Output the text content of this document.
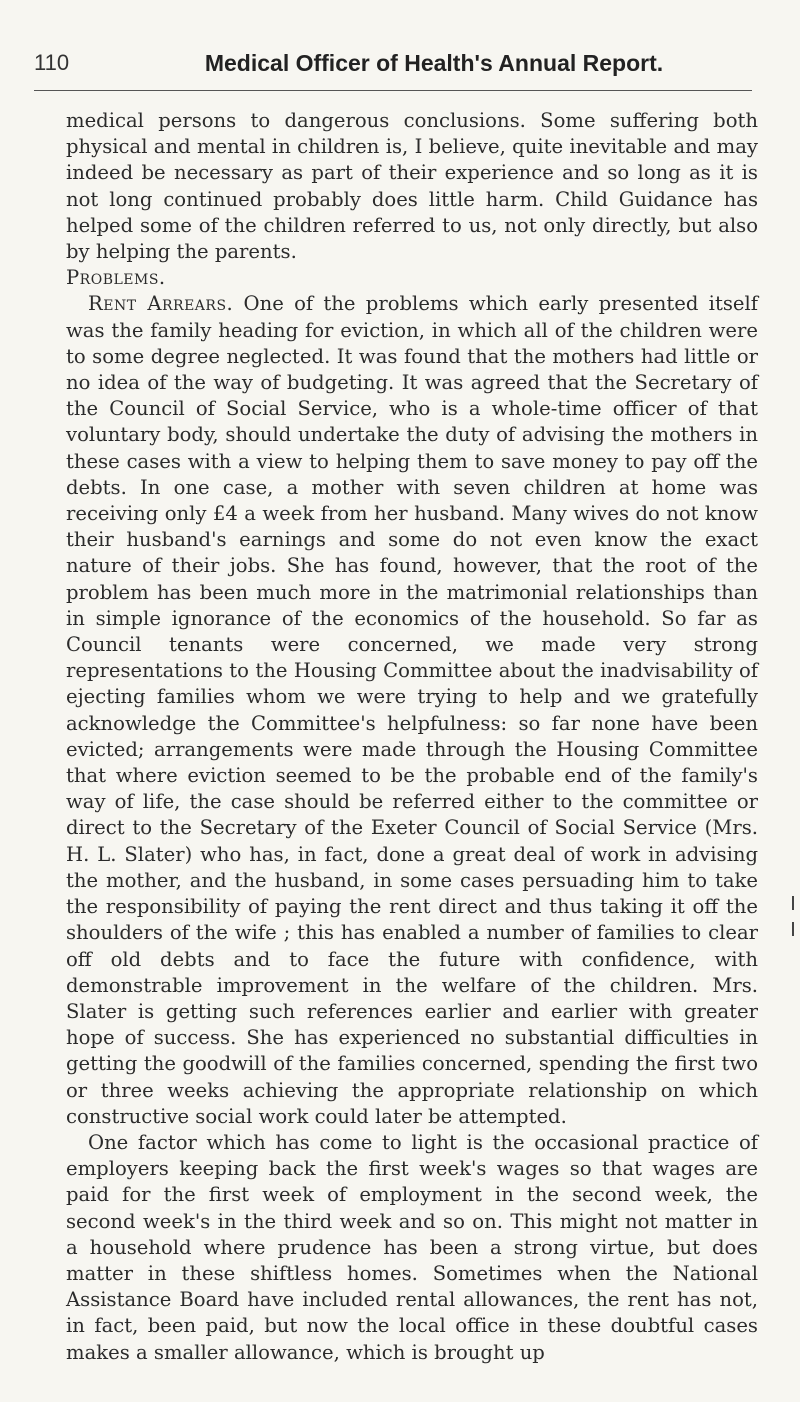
110	Medical Officer of Health's Annual Report.

medical persons to dangerous conclusions. Some suffering both physical and mental in children is, I believe, quite inevitable and may indeed be necessary as part of their experience and so long as it is not long continued probably does little harm. Child Guidance has helped some of the children referred to us, not only directly, but also by helping the parents.

Problems.

Rent Arrears. One of the problems which early presented itself was the family heading for eviction, in which all of the children were to some degree neglected. It was found that the mothers had little or no idea of the way of budgeting. It was agreed that the Secretary of the Council of Social Service, who is a whole-time officer of that voluntary body, should undertake the duty of advising the mothers in these cases with a view to helping them to save money to pay off the debts. In one case, a mother with seven children at home was receiving only £4 a week from her husband. Many wives do not know their husband's earnings and some do not even know the exact nature of their jobs. She has found, however, that the root of the problem has been much more in the matrimonial relationships than in simple ignorance of the economics of the household. So far as Council tenants were concerned, we made very strong representations to the Housing Committee about the inadvisability of ejecting families whom we were trying to help and we gratefully acknowledge the Committee's helpfulness: so far none have been evicted; arrangements were made through the Housing Committee that where eviction seemed to be the probable end of the family's way of life, the case should be referred either to the committee or direct to the Secretary of the Exeter Council of Social Service (Mrs. H. L. Slater) who has, in fact, done a great deal of work in advising the mother, and the husband, in some cases persuading him to take the responsibility of paying the rent direct and thus taking it off the shoulders of the wife ; this has enabled a number of families to clear off old debts and to face the future with confidence, with demonstrable improvement in the welfare of the children. Mrs. Slater is getting such references earlier and earlier with greater hope of success. She has experienced no substantial difficulties in getting the goodwill of the families concerned, spending the first two or three weeks achieving the appropriate relationship on which constructive social work could later be attempted.

One factor which has come to light is the occasional practice of employers keeping back the first week's wages so that wages are paid for the first week of employment in the second week, the second week's in the third week and so on. This might not matter in a household where prudence has been a strong virtue, but does matter in these shiftless homes. Sometimes when the National Assistance Board have included rental allowances, the rent has not, in fact, been paid, but now the local office in these doubtful cases makes a smaller allowance, which is brought up
